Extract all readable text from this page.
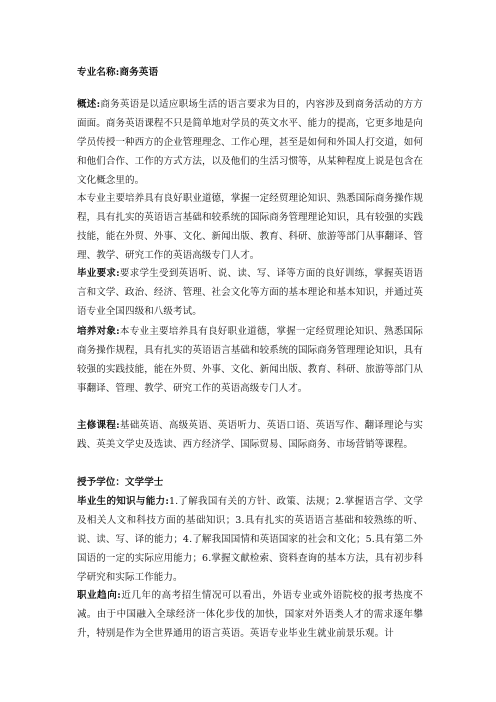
专业名称:商务英语
概述:商务英语是以适应职场生活的语言要求为目的，内容涉及到商务活动的方方面面。商务英语课程不只是简单地对学员的英文水平、能力的提高，它更多地是向学员传授一种西方的企业管理理念、工作心理，甚至是如何和外国人打交道，如何和他们合作、工作的方式方法，以及他们的生活习惯等，从某种程度上说是包含在文化概念里的。
本专业主要培养具有良好职业道德，掌握一定经贸理论知识、熟悉国际商务操作规程，具有扎实的英语语言基础和较系统的国际商务管理理论知识，具有较强的实践技能，能在外贸、外事、文化、新闻出版、教育、科研、旅游等部门从事翻译、管理、教学、研究工作的英语高级专门人才。
毕业要求:要求学生受到英语听、说、读、写、译等方面的良好训练，掌握英语语言和文学、政治、经济、管理、社会文化等方面的基本理论和基本知识，并通过英语专业全国四级和八级考试。
培养对象:本专业主要培养具有良好职业道德，掌握一定经贸理论知识、熟悉国际商务操作规程，具有扎实的英语语言基础和较系统的国际商务管理理论知识，具有较强的实践技能，能在外贸、外事、文化、新闻出版、教育、科研、旅游等部门从事翻译、管理、教学、研究工作的英语高级专门人才。
主修课程:基础英语、高级英语、英语听力、英语口语、英语写作、翻译理论与实践、英美文学史及选读、西方经济学、国际贸易、国际商务、市场营销等课程。
授予学位：文学学士
毕业生的知识与能力:1.了解我国有关的方针、政策、法规；2.掌握语言学、文学及相关人文和科技方面的基础知识；3.具有扎实的英语语言基础和较熟练的听、说、读、写、译的能力；4.了解我国国情和英语国家的社会和文化；5.具有第二外国语的一定的实际应用能力；6.掌握文献检索、资料查询的基本方法，具有初步科学研究和实际工作能力。
职业趋向:近几年的高考招生情况可以看出，外语专业或外语院校的报考热度不减。由于中国融入全球经济一体化步伐的加快，国家对外语类人才的需求逐年攀升，特别是作为全世界通用的语言英语。英语专业毕业生就业前景乐观。计
